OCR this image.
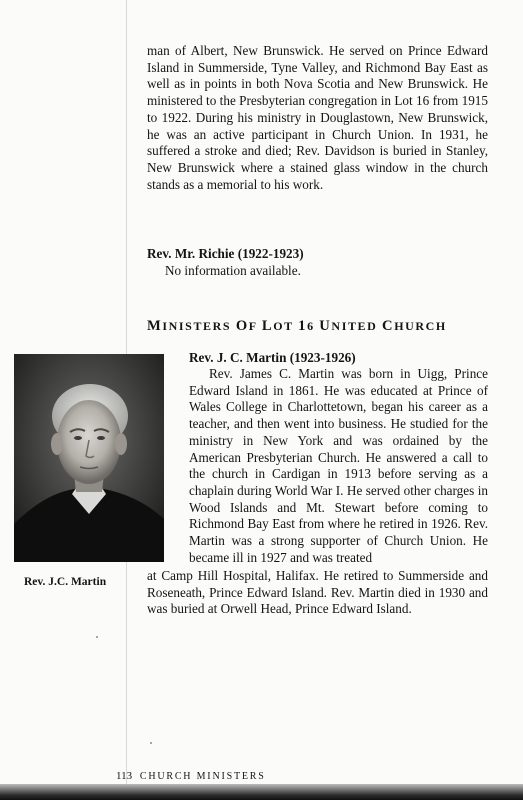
man of Albert, New Brunswick. He served on Prince Edward Island in Summerside, Tyne Valley, and Richmond Bay East as well as in points in both Nova Scotia and New Brunswick. He ministered to the Presbyterian congregation in Lot 16 from 1915 to 1922. During his ministry in Douglastown, New Brunswick, he was an active participant in Church Union. In 1931, he suffered a stroke and died; Rev. Davidson is buried in Stanley, New Brunswick where a stained glass window in the church stands as a memorial to his work.

Rev. Mr. Richie (1922-1923)
No information available.
MINISTERS OF LOT 16 UNITED CHURCH
Rev. J.C. Martin
Rev. J. C. Martin (1923-1926)

Rev. James C. Martin was born in Uigg, Prince Edward Island in 1861. He was educated at Prince of Wales College in Charlottetown, began his career as a teacher, and then went into business. He studied for the ministry in New York and was ordained by the American Presbyterian Church. He answered a call to the church in Cardigan in 1913 before serving as a chaplain during World War I. He served other charges in Wood Islands and Mt. Stewart before coming to Richmond Bay East from where he retired in 1926. Rev. Martin was a strong supporter of Church Union. He became ill in 1927 and was treated

at Camp Hill Hospital, Halifax. He retired to Summerside and Roseneath, Prince Edward Island. Rev. Martin died in 1930 and was buried at Orwell Head, Prince Edward Island.

113 CHURCH MINISTERS
